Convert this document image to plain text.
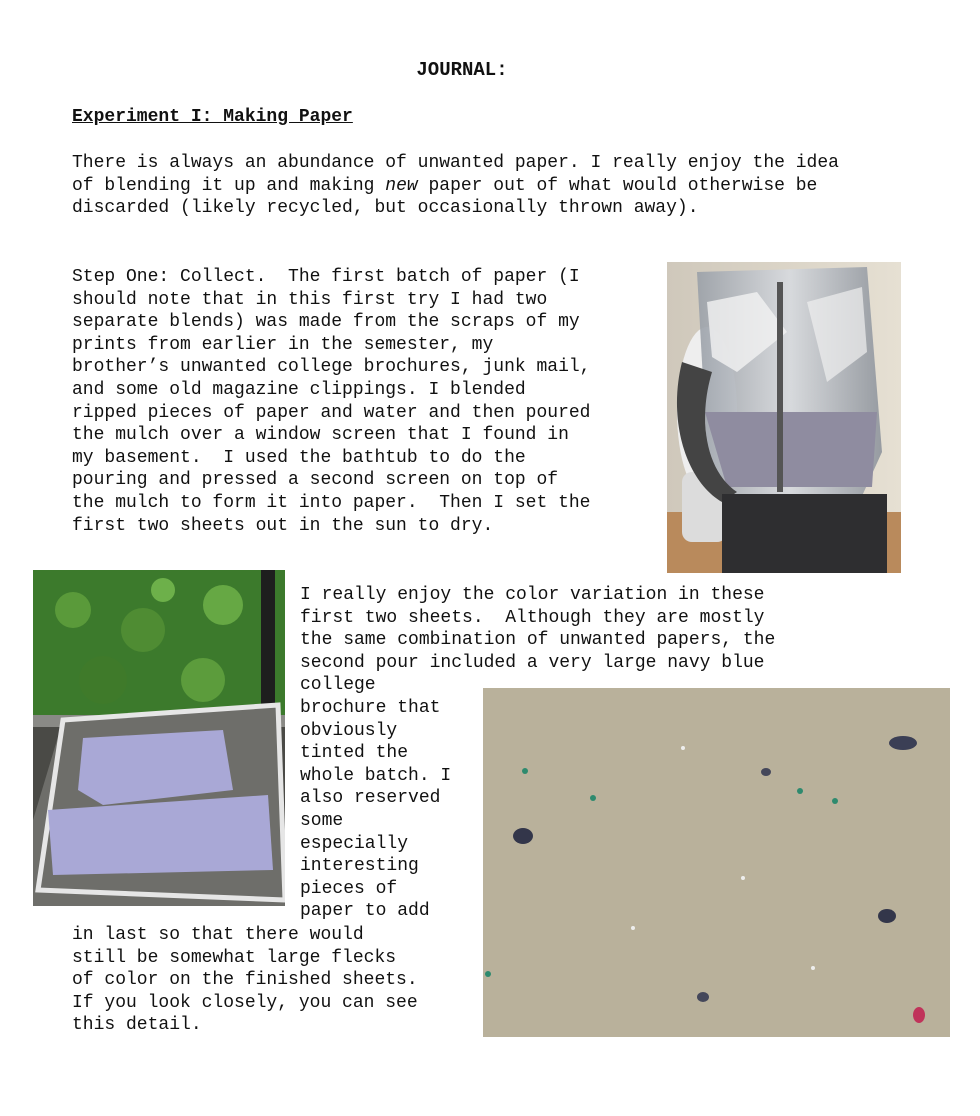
JOURNAL:
Experiment I: Making Paper

There is always an abundance of unwanted paper. I really enjoy the idea of blending it up and making new paper out of what would otherwise be discarded (likely recycled, but occasionally thrown away).

Step One: Collect.  The first batch of paper (I
should note that in this first try I had two
separate blends) was made from the scraps of my
prints from earlier in the semester, my
brother’s unwanted college brochures, junk mail,
and some old magazine clippings. I blended
ripped pieces of paper and water and then poured
the mulch over a window screen that I found in
my basement.  I used the bathtub to do the
pouring and pressed a second screen on top of
the mulch to form it into paper.  Then I set the
first two sheets out in the sun to dry.
I really enjoy the color variation in these
first two sheets.  Although they are mostly
the same combination of unwanted papers, the
second pour included a very large navy blue
college
brochure that
obviously
tinted the
whole batch. I
also reserved
some
especially
interesting
pieces of
paper to add
in last so that there would
still be somewhat large flecks
of color on the finished sheets.
If you look closely, you can see
this detail.
